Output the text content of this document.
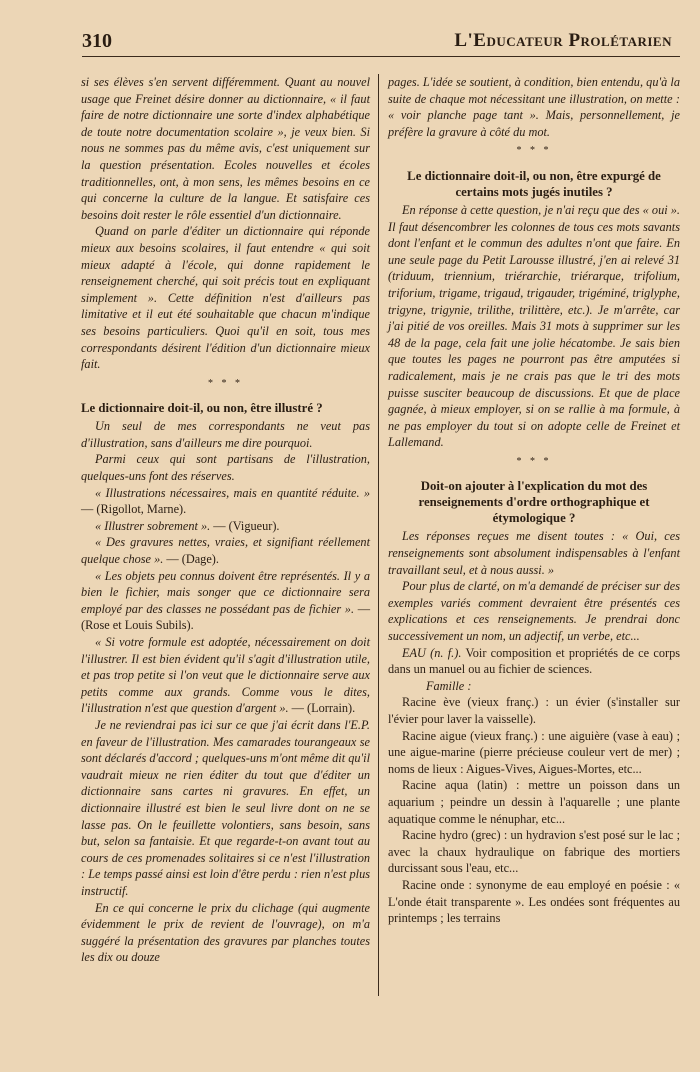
310	L'Educateur Prolétarien

si ses élèves s'en servent différemment. Quant au nouvel usage que Freinet désire donner au dictionnaire, « il faut faire de notre dictionnaire une sorte d'index alphabétique de toute notre documentation scolaire », je veux bien. Si nous ne sommes pas du même avis, c'est uniquement sur la question présentation. Ecoles nouvelles et écoles traditionnelles, ont, à mon sens, les mêmes besoins en ce qui concerne la culture de la langue. Et satisfaire ces besoins doit rester le rôle essentiel d'un dictionnaire.

Quand on parle d'éditer un dictionnaire qui réponde mieux aux besoins scolaires, il faut entendre « qui soit mieux adapté à l'école, qui donne rapidement le renseignement cherché, qui soit précis tout en expliquant simplement ». Cette définition n'est d'ailleurs pas limitative et il eut été souhaitable que chacun m'indique ses besoins particuliers. Quoi qu'il en soit, tous mes correspondants désirent l'édition d'un dictionnaire mieux fait.

* * *
Le dictionnaire doit-il, ou non, être illustré ?

Un seul de mes correspondants ne veut pas d'illustration, sans d'ailleurs me dire pourquoi.

Parmi ceux qui sont partisans de l'illustration, quelques-uns font des réserves.

« Illustrations nécessaires, mais en quantité réduite. » — (Rigollot, Marne).

« Illustrer sobrement ». — (Vigueur).

« Des gravures nettes, vraies, et signifiant réellement quelque chose ». — (Dage).

« Les objets peu connus doivent être représentés. Il y a bien le fichier, mais songer que ce dictionnaire sera employé par des classes ne possédant pas de fichier ». — (Rose et Louis Subils).

« Si votre formule est adoptée, nécessairement on doit l'illustrer. Il est bien évident qu'il s'agit d'illustration utile, et pas trop petite si l'on veut que le dictionnaire serve aux petits comme aux grands. Comme vous le dites, l'illustration n'est que question d'argent ». — (Lorrain).

Je ne reviendrai pas ici sur ce que j'ai écrit dans l'E.P. en faveur de l'illustration. Mes camarades tourangeaux se sont déclarés d'accord ; quelques-uns m'ont même dit qu'il vaudrait mieux ne rien éditer du tout que d'éditer un dictionnaire sans cartes ni gravures. En effet, un dictionnaire illustré est bien le seul livre dont on ne se lasse pas. On le feuillette volontiers, sans besoin, sans but, selon sa fantaisie. Et que regarde-t-on avant tout au cours de ces promenades solitaires si ce n'est l'illustration : Le temps passé ainsi est loin d'être perdu : rien n'est plus instructif.

En ce qui concerne le prix du clichage (qui augmente évidemment le prix de revient de l'ouvrage), on m'a suggéré la présentation des gravures par planches toutes les dix ou douze

pages. L'idée se soutient, à condition, bien entendu, qu'à la suite de chaque mot nécessitant une illustration, on mette : « voir planche page tant ». Mais, personnellement, je préfère la gravure à côté du mot.

* * *
Le dictionnaire doit-il, ou non, être expurgé de certains mots jugés inutiles ?

En réponse à cette question, je n'ai reçu que des « oui ». Il faut désencombrer les colonnes de tous ces mots savants dont l'enfant et le commun des adultes n'ont que faire. En une seule page du Petit Larousse illustré, j'en ai relevé 31 (triduum, triennium, triérarchie, triérarque, trifolium, triforium, trigame, trigaud, trigauder, trigéminé, triglyphe, trigyne, trigynie, trilithe, trilittère, etc.). Je m'arrête, car j'ai pitié de vos oreilles. Mais 31 mots à supprimer sur les 48 de la page, cela fait une jolie hécatombe. Je sais bien que toutes les pages ne pourront pas être amputées si radicalement, mais je ne crais pas que le tri des mots puisse susciter beaucoup de discussions. Et que de place gagnée, à mieux employer, si on se rallie à ma formule, à ne pas employer du tout si on adopte celle de Freinet et Lallemand.

* * *
Doit-on ajouter à l'explication du mot des renseignements d'ordre orthographique et étymologique ?

Les réponses reçues me disent toutes : « Oui, ces renseignements sont absolument indispensables à l'enfant travaillant seul, et à nous aussi. »

Pour plus de clarté, on m'a demandé de préciser sur des exemples variés comment devraient être présentés ces explications et ces renseignements. Je prendrai donc successivement un nom, un adjectif, un verbe, etc...

EAU (n. f.). Voir composition et propriétés de ce corps dans un manuel ou au fichier de sciences.

Famille :

Racine ève (vieux franç.) : un évier (s'installer sur l'évier pour laver la vaisselle).

Racine aigue (vieux franç.) : une aiguière (vase à eau) ; une aigue-marine (pierre précieuse couleur vert de mer) ; noms de lieux : Aigues-Vives, Aigues-Mortes, etc...

Racine aqua (latin) : mettre un poisson dans un aquarium ; peindre un dessin à l'aquarelle ; une plante aquatique comme le nénuphar, etc...

Racine hydro (grec) : un hydravion s'est posé sur le lac ; avec la chaux hydraulique on fabrique des mortiers durcissant sous l'eau, etc...

Racine onde : synonyme de eau employé en poésie : « L'onde était transparente ». Les ondées sont fréquentes au printemps ; les terrains
